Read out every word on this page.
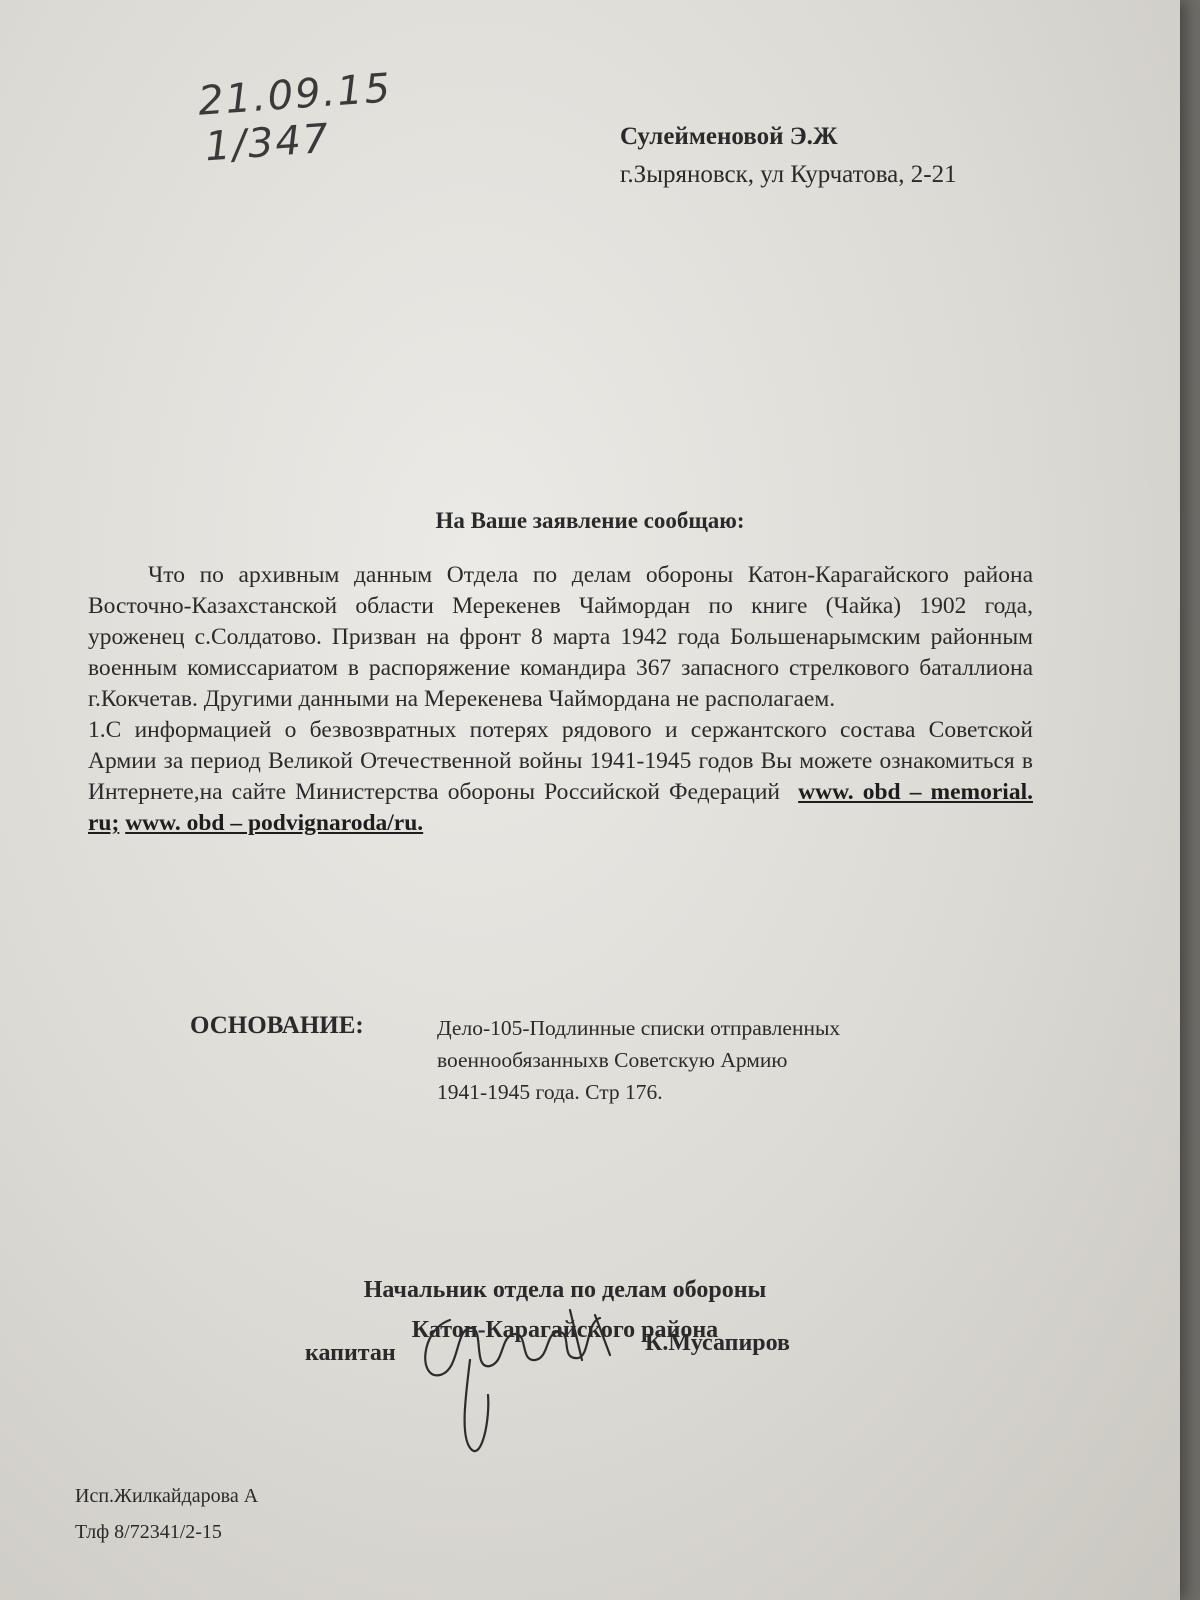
21.09.15
1/347	Сулейменовой Э.Ж
г.Зыряновск, ул Курчатова, 2-21
На Ваше заявление сообщаю:

Что по архивным данным Отдела по делам обороны Катон-Карагайского района Восточно-Казахстанской области Мерекенев Чаймордан по книге (Чайка) 1902 года, уроженец с.Солдатово. Призван на фронт 8 марта 1942 года Большенарымским районным военным комиссариатом в распоряжение командира 367 запасного стрелкового баталлиона г.Кокчетав. Другими данными на Мерекенева Чаймордана не располагаем.

1.С информацией о безвозвратных потерях рядового и сержантского состава Советской Армии за период Великой Отечественной войны 1941-1945 годов Вы можете ознакомиться в Интернете,на сайте Министерства обороны Российской Федераций www. obd – memorial. ru; www. obd – podvignaroda/ru.

ОСНОВАНИЕ:	Дело-105-Подлинные списки отправленных
военнообязанныхв Советскую Армию
1941-1945 года. Стр 176.
Начальник отдела по делам обороны
Катон-Карагайского района
капитан	К.Мусапиров
Исп.Жилкайдарова А
Тлф 8/72341/2-15
